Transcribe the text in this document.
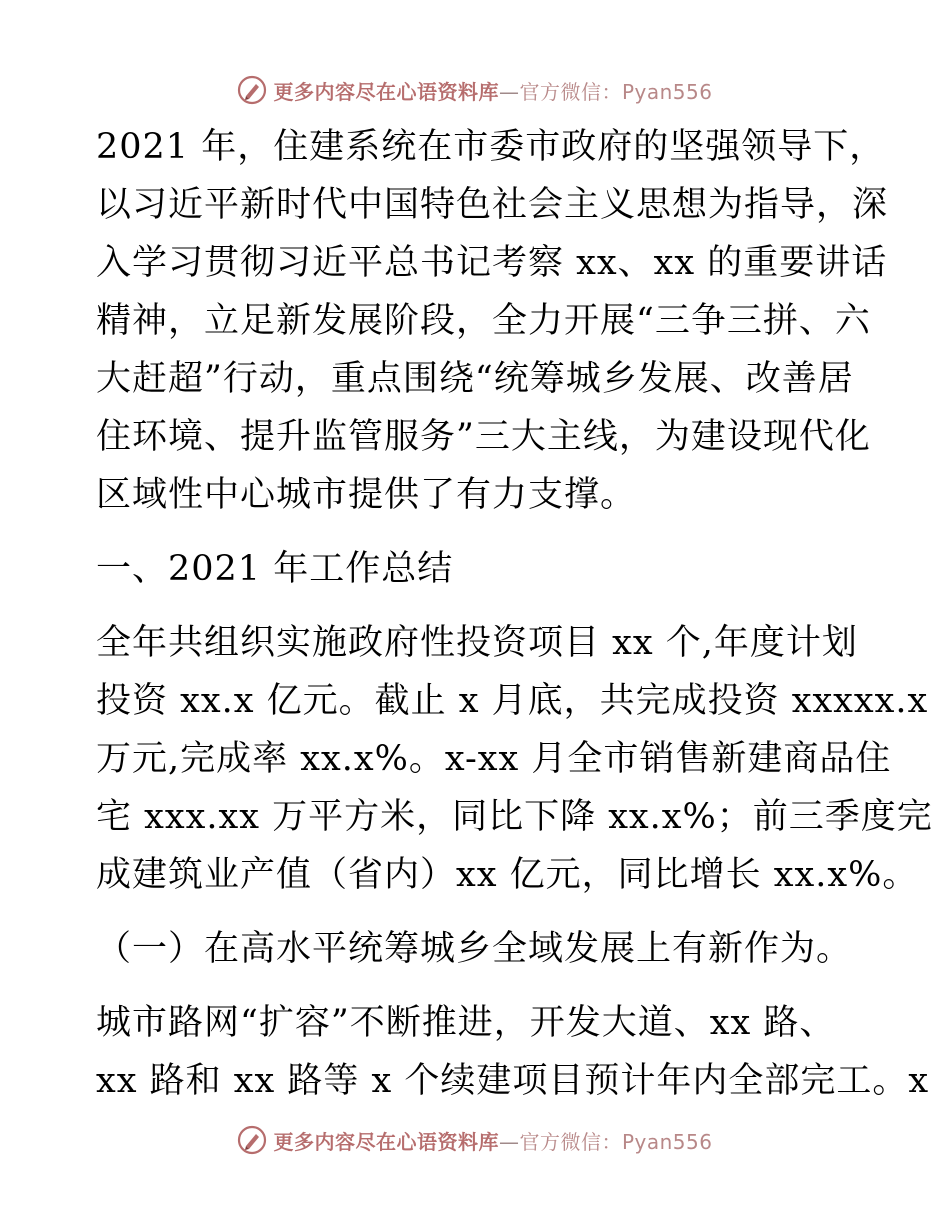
更多内容尽在心语资料库—官方微信：Pyan556

2021 年，住建系统在市委市政府的坚强领导下，
以习近平新时代中国特色社会主义思想为指导，深
入学习贯彻习近平总书记考察 xx、xx 的重要讲话
精神，立足新发展阶段，全力开展“三争三拼、六
大赶超”行动，重点围绕“统筹城乡发展、改善居
住环境、提升监管服务”三大主线，为建设现代化
区域性中心城市提供了有力支撑。

一、2021 年工作总结

全年共组织实施政府性投资项目 xx 个,年度计划
投资 xx.x 亿元。截止 x 月底，共完成投资 xxxxx.x
万元,完成率 xx.x%。x-xx 月全市销售新建商品住
宅 xxx.xx 万平方米，同比下降 xx.x%；前三季度完
成建筑业产值（省内）xx 亿元，同比增长 xx.x%。

（一）在高水平统筹城乡全域发展上有新作为。

城市路网“扩容”不断推进，开发大道、xx 路、
xx 路和 xx 路等 x 个续建项目预计年内全部完工。x

更多内容尽在心语资料库—官方微信：Pyan556
